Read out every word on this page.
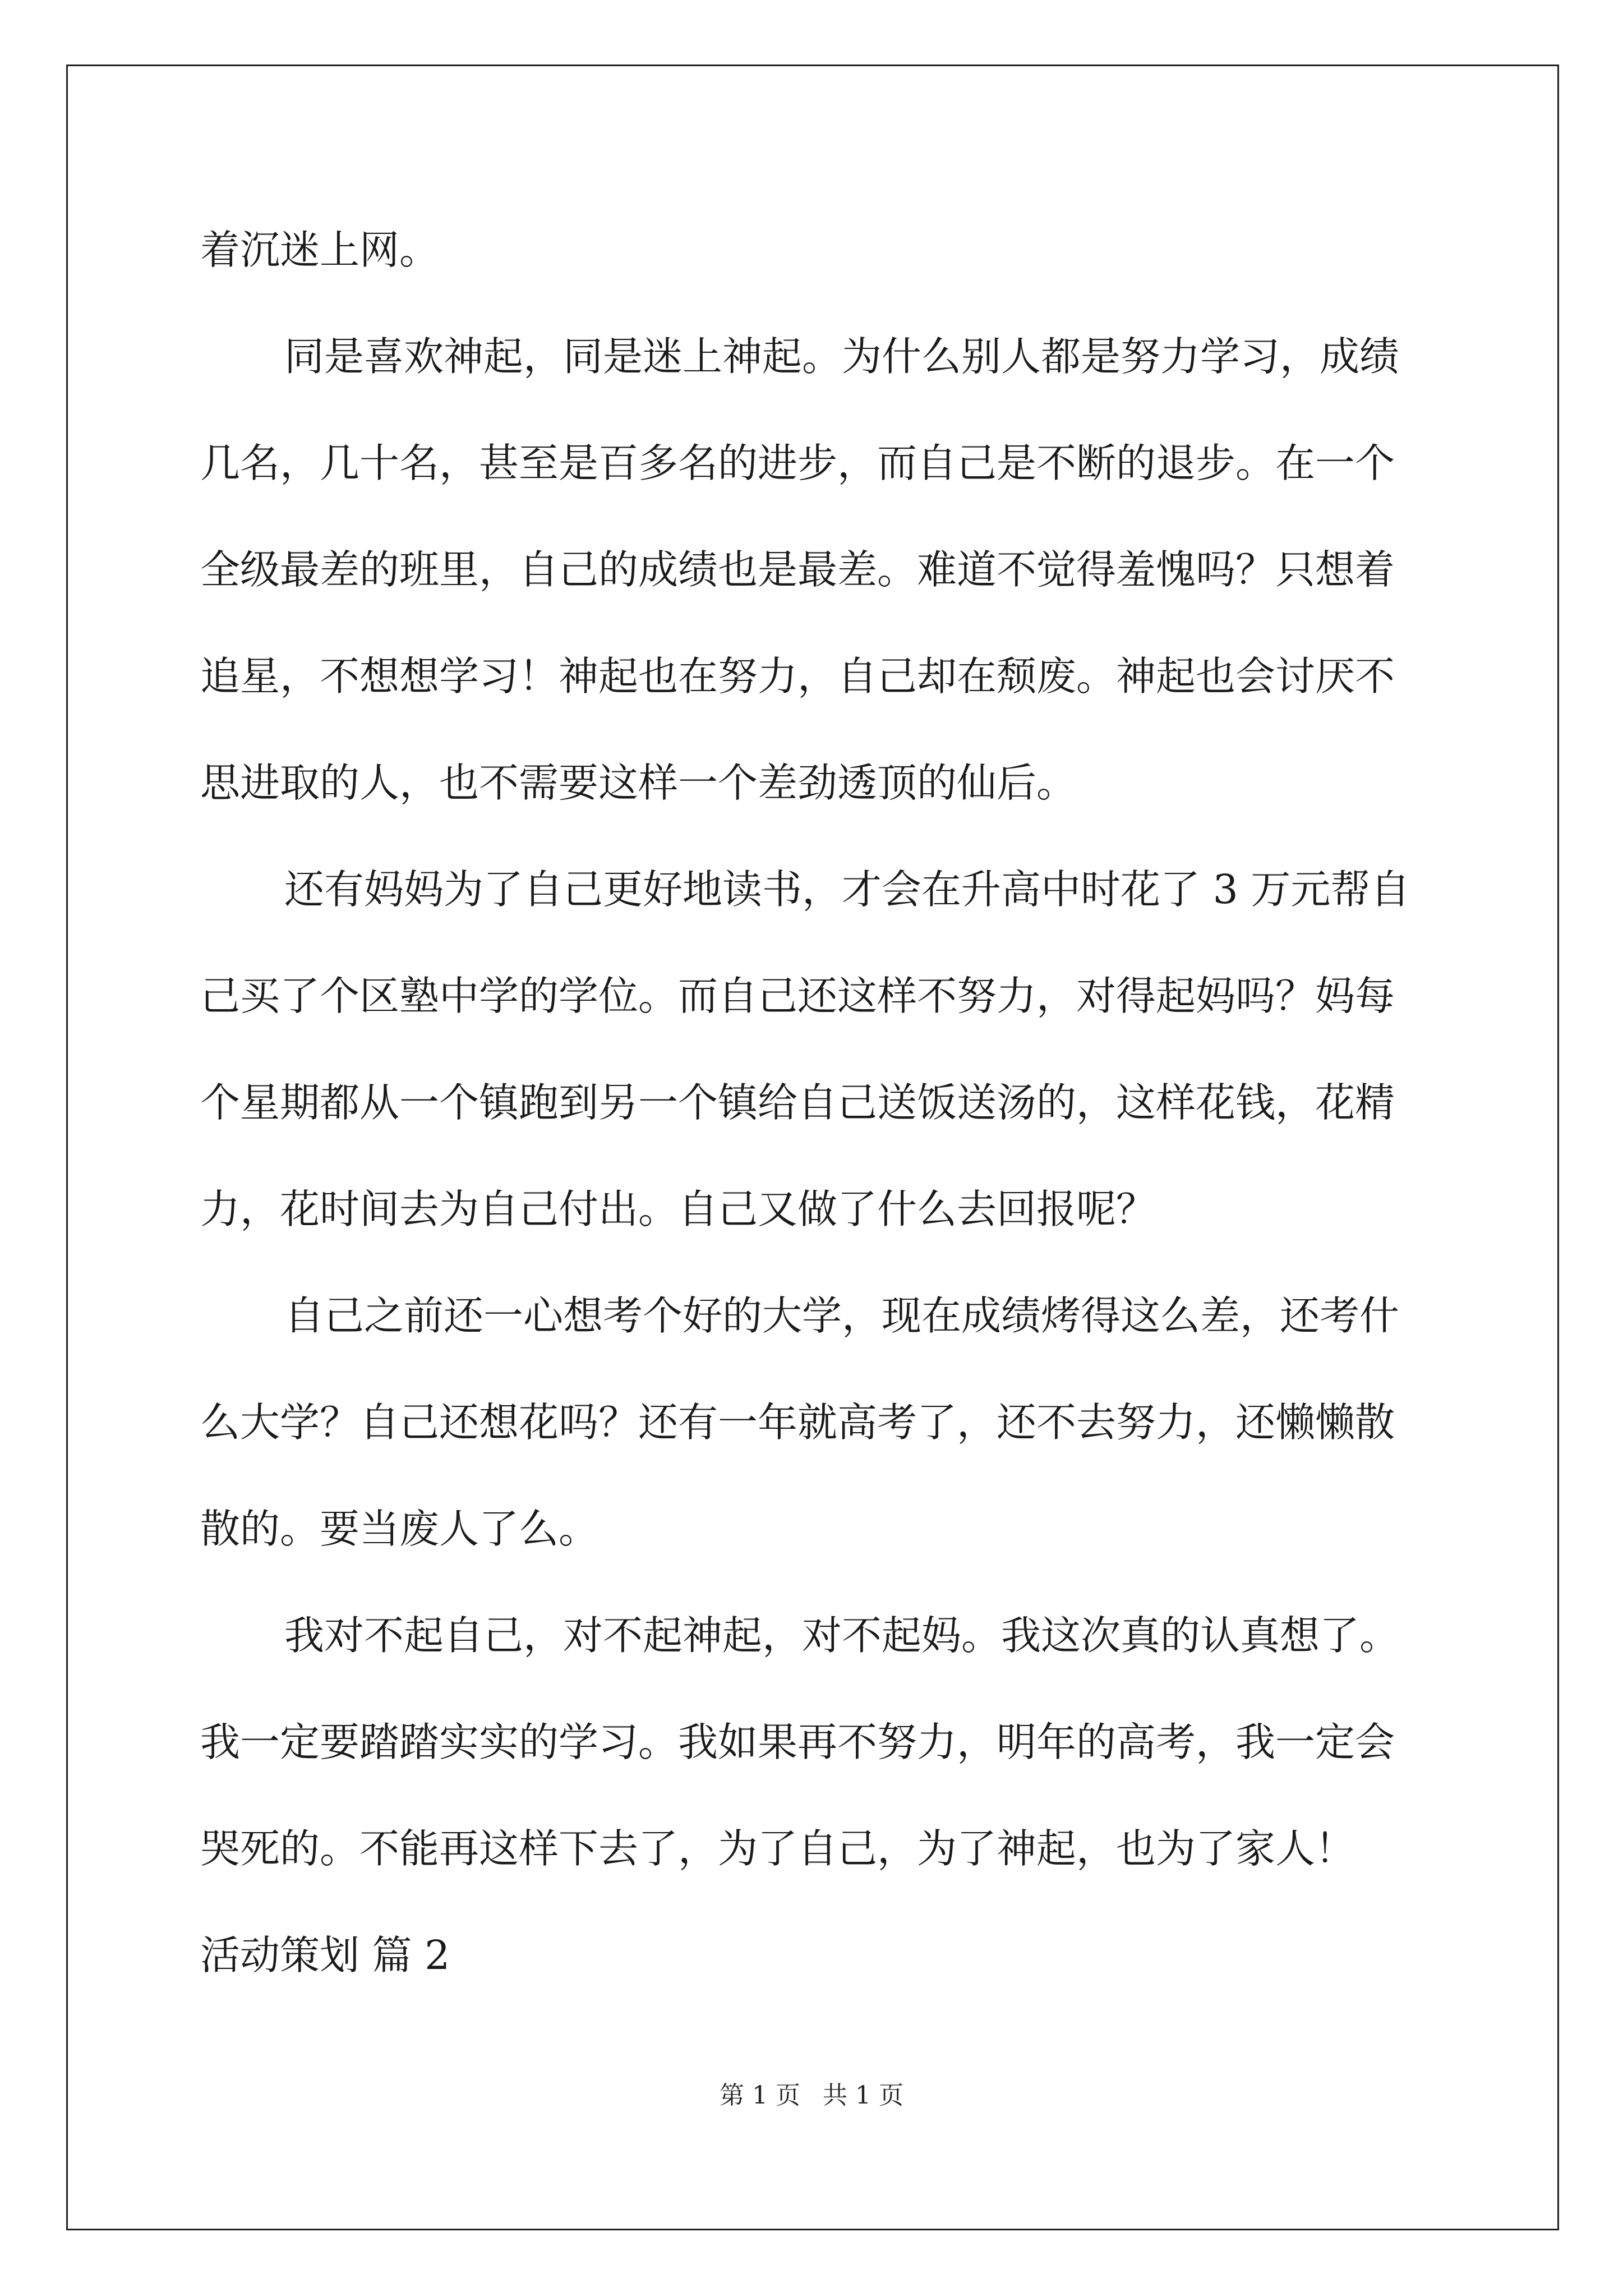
着沉迷上网。
同是喜欢神起，同是迷上神起。为什么别人都是努力学习，成绩
几名，几十名，甚至是百多名的进步，而自己是不断的退步。在一个
全级最差的班里，自己的成绩也是最差。难道不觉得羞愧吗？只想着
追星，不想想学习！神起也在努力，自己却在颓废。神起也会讨厌不
思进取的人，也不需要这样一个差劲透顶的仙后。
还有妈妈为了自己更好地读书，才会在升高中时花了 3 万元帮自
己买了个区塾中学的学位。而自己还这样不努力，对得起妈吗？妈每
个星期都从一个镇跑到另一个镇给自己送饭送汤的，这样花钱，花精
力，花时间去为自己付出。自己又做了什么去回报呢？
自己之前还一心想考个好的大学，现在成绩烤得这么差，还考什
么大学？自己还想花吗？还有一年就高考了，还不去努力，还懒懒散
散的。要当废人了么。
我对不起自己，对不起神起，对不起妈。我这次真的认真想了。
我一定要踏踏实实的学习。我如果再不努力，明年的高考，我一定会
哭死的。不能再这样下去了，为了自己，为了神起，也为了家人！
活动策划 篇 2
第 1 页 共 1 页
